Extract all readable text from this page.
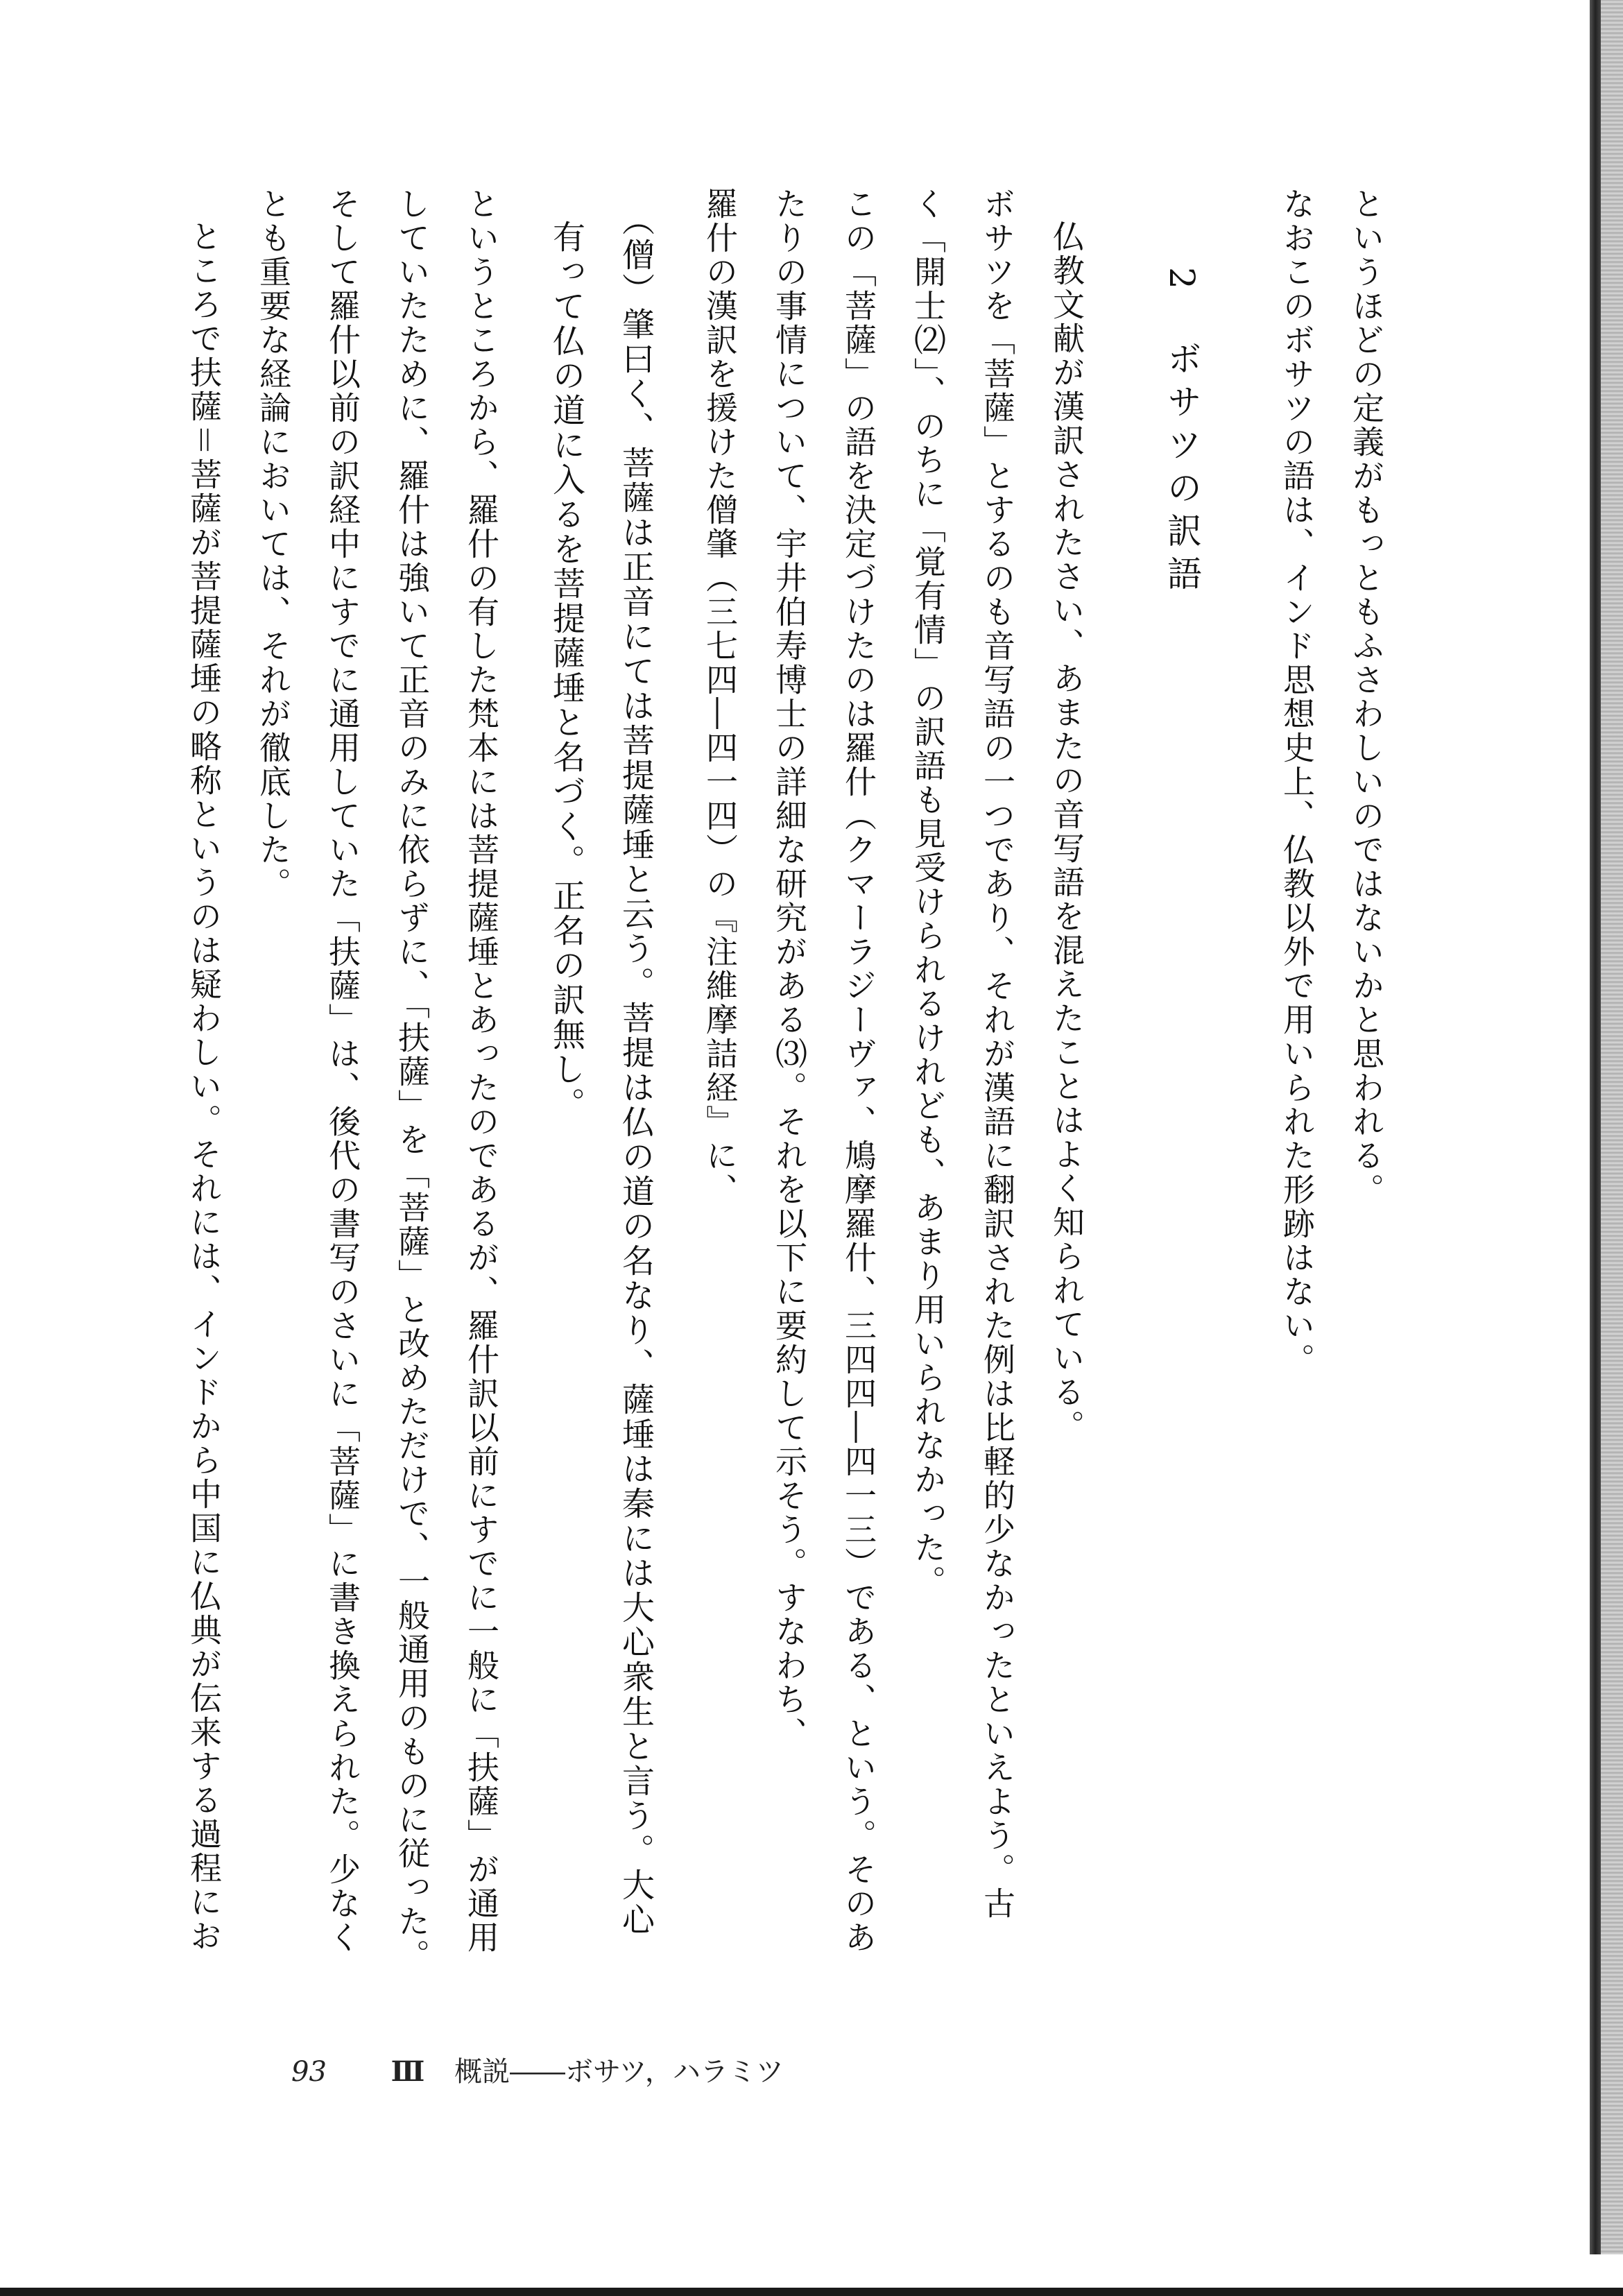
というほどの定義がもっともふさわしいのではないかと思われる。
なおこのボサツの語は、インド思想史上、仏教以外で用いられた形跡はない。
2　ボサツの訳語
仏教文献が漢訳されたさい、あまたの音写語を混えたことはよく知られている。
ボサツを「菩薩」とするのも音写語の一つであり、それが漢語に翻訳された例は比軽的少なかったといえよう。古
く「開士⑵」、のちに「覚有情」の訳語も見受けられるけれども、あまり用いられなかった。
この「菩薩」の語を決定づけたのは羅什（クマーラジーヴァ、鳩摩羅什、三四四―四一三）である、という。そのあ
たりの事情について、宇井伯寿博士の詳細な研究がある⑶。それを以下に要約して示そう。すなわち、
羅什の漢訳を援けた僧肇（三七四―四一四）の『注維摩詰経』に、
（僧）肇曰く、菩薩は正音にては菩提薩埵と云う。菩提は仏の道の名なり、薩埵は秦には大心衆生と言う。大心
有って仏の道に入るを菩提薩埵と名づく。正名の訳無し。
というところから、羅什の有した梵本には菩提薩埵とあったのであるが、羅什訳以前にすでに一般に「扶薩」が通用
していたために、羅什は強いて正音のみに依らずに、「扶薩」を「菩薩」と改めただけで、一般通用のものに従った。
そして羅什以前の訳経中にすでに通用していた「扶薩」は、後代の書写のさいに「菩薩」に書き換えられた。少なく
とも重要な経論においては、それが徹底した。
ところで扶薩＝菩薩が菩提薩埵の略称というのは疑わしい。それには、インドから中国に仏典が伝来する過程にお
93 Ⅲ 概説――ボサツ，ハラミツ
